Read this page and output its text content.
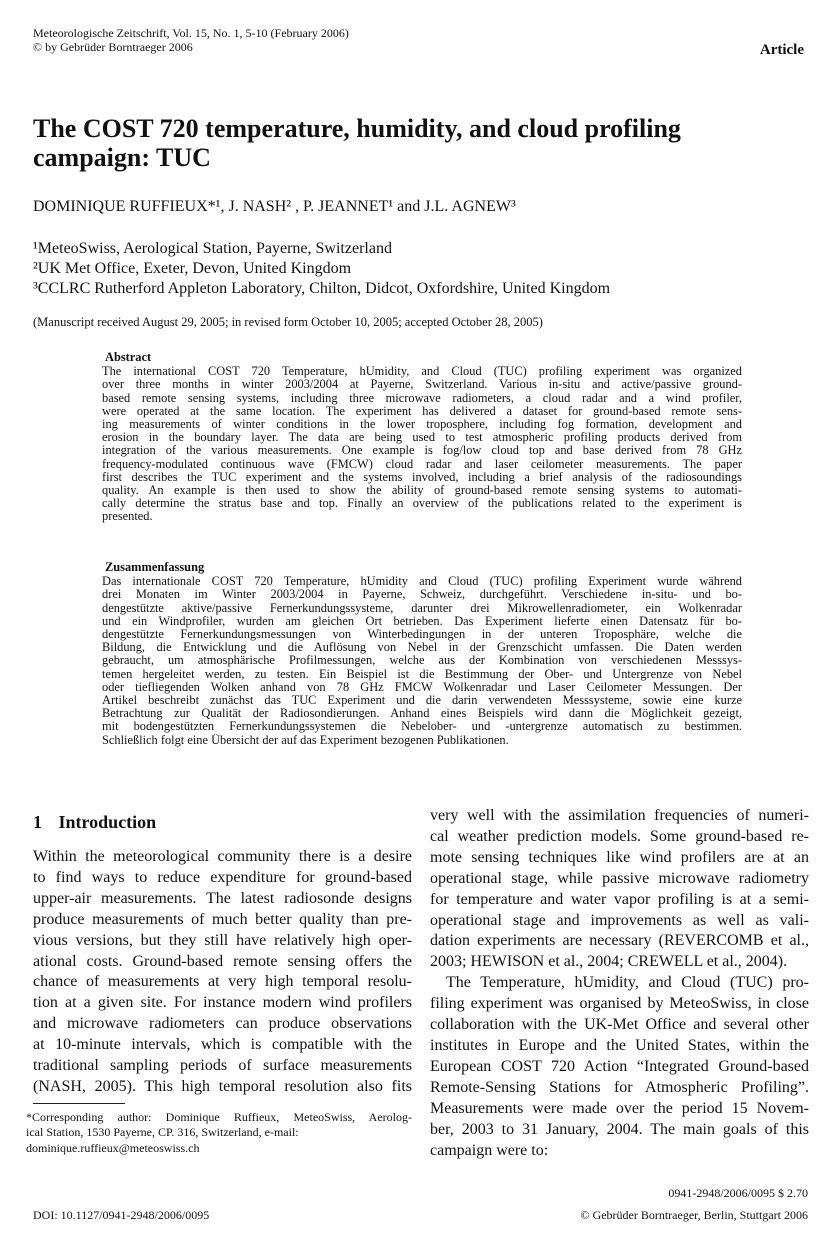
Meteorologische Zeitschrift, Vol. 15, No. 1, 5-10 (February 2006)
© by Gebrüder Borntraeger 2006	Article
The COST 720 temperature, humidity, and cloud profiling
campaign: TUC
DOMINIQUE RUFFIEUX*¹, J. NASH² , P. JEANNET¹ and J.L. AGNEW³
¹MeteoSwiss, Aerological Station, Payerne, Switzerland
²UK Met Office, Exeter, Devon, United Kingdom
³CCLRC Rutherford Appleton Laboratory, Chilton, Didcot, Oxfordshire, United Kingdom
(Manuscript received August 29, 2005; in revised form October 10, 2005; accepted October 28, 2005)
Abstract
The international COST 720 Temperature, hUmidity, and Cloud (TUC) profiling experiment was organized
over three months in winter 2003/2004 at Payerne, Switzerland. Various in-situ and active/passive ground-
based remote sensing systems, including three microwave radiometers, a cloud radar and a wind profiler,
were operated at the same location. The experiment has delivered a dataset for ground-based remote sens-
ing measurements of winter conditions in the lower troposphere, including fog formation, development and
erosion in the boundary layer. The data are being used to test atmospheric profiling products derived from
integration of the various measurements. One example is fog/low cloud top and base derived from 78 GHz
frequency-modulated continuous wave (FMCW) cloud radar and laser ceilometer measurements. The paper
first describes the TUC experiment and the systems involved, including a brief analysis of the radiosoundings
quality. An example is then used to show the ability of ground-based remote sensing systems to automati-
cally determine the stratus base and top. Finally an overview of the publications related to the experiment is
presented.
Zusammenfassung
Das internationale COST 720 Temperature, hUmidity and Cloud (TUC) profiling Experiment wurde während
drei Monaten im Winter 2003/2004 in Payerne, Schweiz, durchgeführt. Verschiedene in-situ- und bo-
dengestützte aktive/passive Fernerkundungssysteme, darunter drei Mikrowellenradiometer, ein Wolkenradar
und ein Windprofiler, wurden am gleichen Ort betrieben. Das Experiment lieferte einen Datensatz für bo-
dengestützte Fernerkundungsmessungen von Winterbedingungen in der unteren Troposphäre, welche die
Bildung, die Entwicklung und die Auflösung von Nebel in der Grenzschicht umfassen. Die Daten werden
gebraucht, um atmosphärische Profilmessungen, welche aus der Kombination von verschiedenen Messsys-
temen hergeleitet werden, zu testen. Ein Beispiel ist die Bestimmung der Ober- und Untergrenze von Nebel
oder tiefliegenden Wolken anhand von 78 GHz FMCW Wolkenradar und Laser Ceilometer Messungen. Der
Artikel beschreibt zunächst das TUC Experiment und die darin verwendeten Messsysteme, sowie eine kurze
Betrachtung zur Qualität der Radiosondierungen. Anhand eines Beispiels wird dann die Möglichkeit gezeigt,
mit bodengestützten Fernerkundungssystemen die Nebelober- und -untergrenze automatisch zu bestimmen.
Schließlich folgt eine Übersicht der auf das Experiment bezogenen Publikationen.
1 Introduction
Within the meteorological community there is a desire
to find ways to reduce expenditure for ground-based
upper-air measurements. The latest radiosonde designs
produce measurements of much better quality than pre-
vious versions, but they still have relatively high oper-
ational costs. Ground-based remote sensing offers the
chance of measurements at very high temporal resolu-
tion at a given site. For instance modern wind profilers
and microwave radiometers can produce observations
at 10-minute intervals, which is compatible with the
traditional sampling periods of surface measurements
(NASH, 2005). This high temporal resolution also fits
very well with the assimilation frequencies of numeri-
cal weather prediction models. Some ground-based re-
mote sensing techniques like wind profilers are at an
operational stage, while passive microwave radiometry
for temperature and water vapor profiling is at a semi-
operational stage and improvements as well as vali-
dation experiments are necessary (REVERCOMB et al.,
2003; HEWISON et al., 2004; CREWELL et al., 2004).
The Temperature, hUmidity, and Cloud (TUC) pro-
filing experiment was organised by MeteoSwiss, in close
collaboration with the UK-Met Office and several other
institutes in Europe and the United States, within the
European COST 720 Action “Integrated Ground-based
Remote-Sensing Stations for Atmospheric Profiling”.
Measurements were made over the period 15 Novem-
ber, 2003 to 31 January, 2004. The main goals of this
campaign were to:
*Corresponding author: Dominique Ruffieux, MeteoSwiss, Aerolog-
ical Station, 1530 Payerne, CP. 316, Switzerland, e-mail:
dominique.ruffieux@meteoswiss.ch
0941-2948/2006/0095 $ 2.70
© Gebrüder Borntraeger, Berlin, Stuttgart 2006
DOI: 10.1127/0941-2948/2006/0095
